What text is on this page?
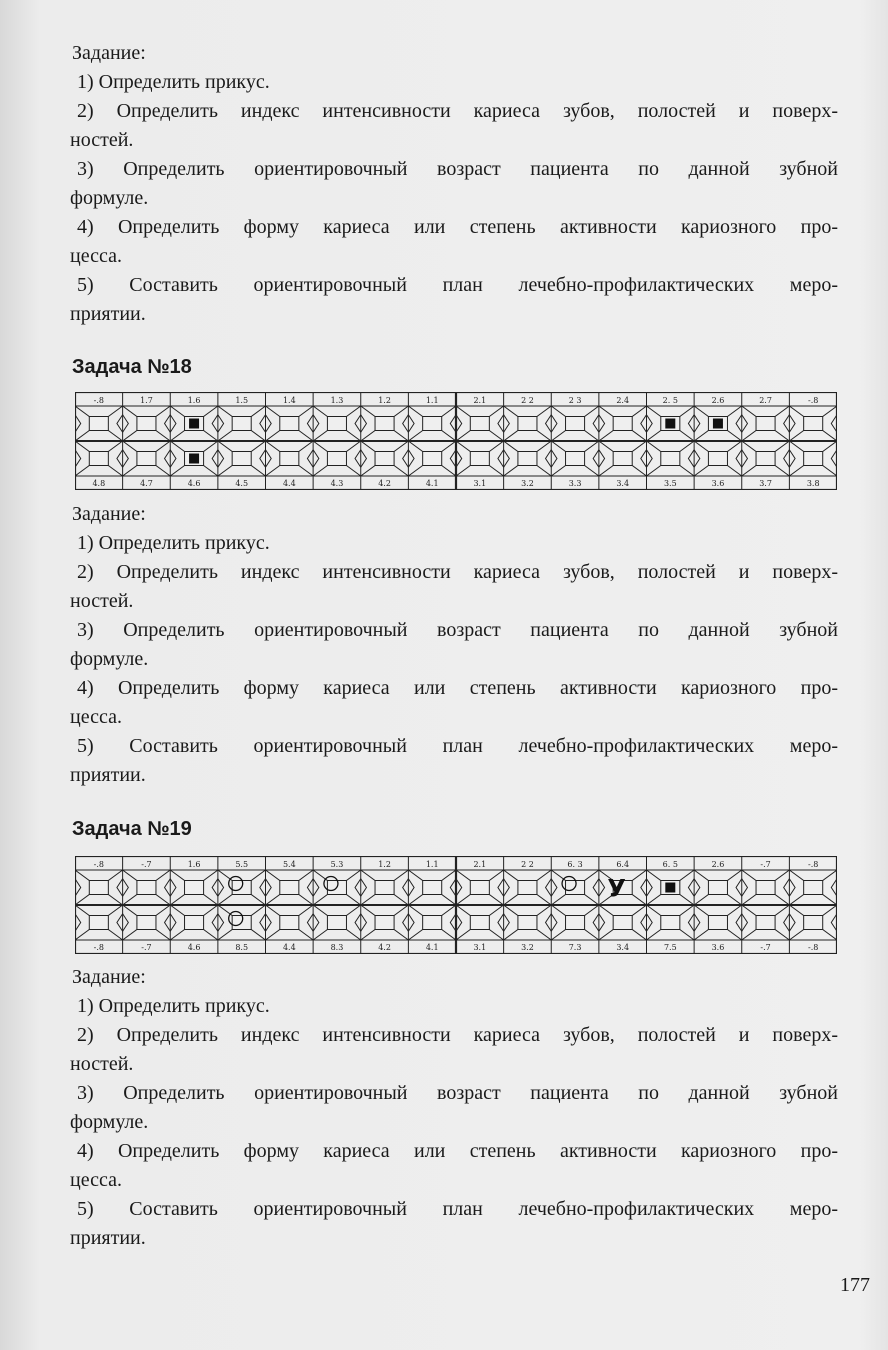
Задание:
1) Определить прикус.
2) Определить индекс интенсивности кариеса зубов, полостей и поверх-
ностей.
3) Определить ориентировочный возраст пациента по данной зубной
формуле.
4) Определить форму кариеса или степень активности кариозного про-
цесса.
5) Составить ориентировочный план лечебно-профилактических меро-
приятии.
Задача №18
-.8
4.8
1.7
4.7
1.6
4.6
1.5
4.5
1.4
4.4
1.3
4.3
1.2
4.2
1.1
4.1
2.1
3.1
2 2
3.2
2 3
3.3
2.4
3.4
2. 5
3.5
2.6
3.6
2.7
3.7
-.8
3.8
Задание:
1) Определить прикус.
2) Определить индекс интенсивности кариеса зубов, полостей и поверх-
ностей.
3) Определить ориентировочный возраст пациента по данной зубной
формуле.
4) Определить форму кариеса или степень активности кариозного про-
цесса.
5) Составить ориентировочный план лечебно-профилактических меро-
приятии.
Задача №19
-.8
-.8
-.7
-.7
1.6
4.6
5.5
8.5
5.4
4.4
5.3
8.3
1.2
4.2
1.1
4.1
2.1
3.1
2 2
3.2
6. 3
7.3
6.4
3.4
У
6. 5
7.5
2.6
3.6
-.7
-.7
-.8
-.8
Задание:
1) Определить прикус.
2) Определить индекс интенсивности кариеса зубов, полостей и поверх-
ностей.
3) Определить ориентировочный возраст пациента по данной зубной
формуле.
4) Определить форму кариеса или степень активности кариозного про-
цесса.
5) Составить ориентировочный план лечебно-профилактических меро-
приятии.
177
